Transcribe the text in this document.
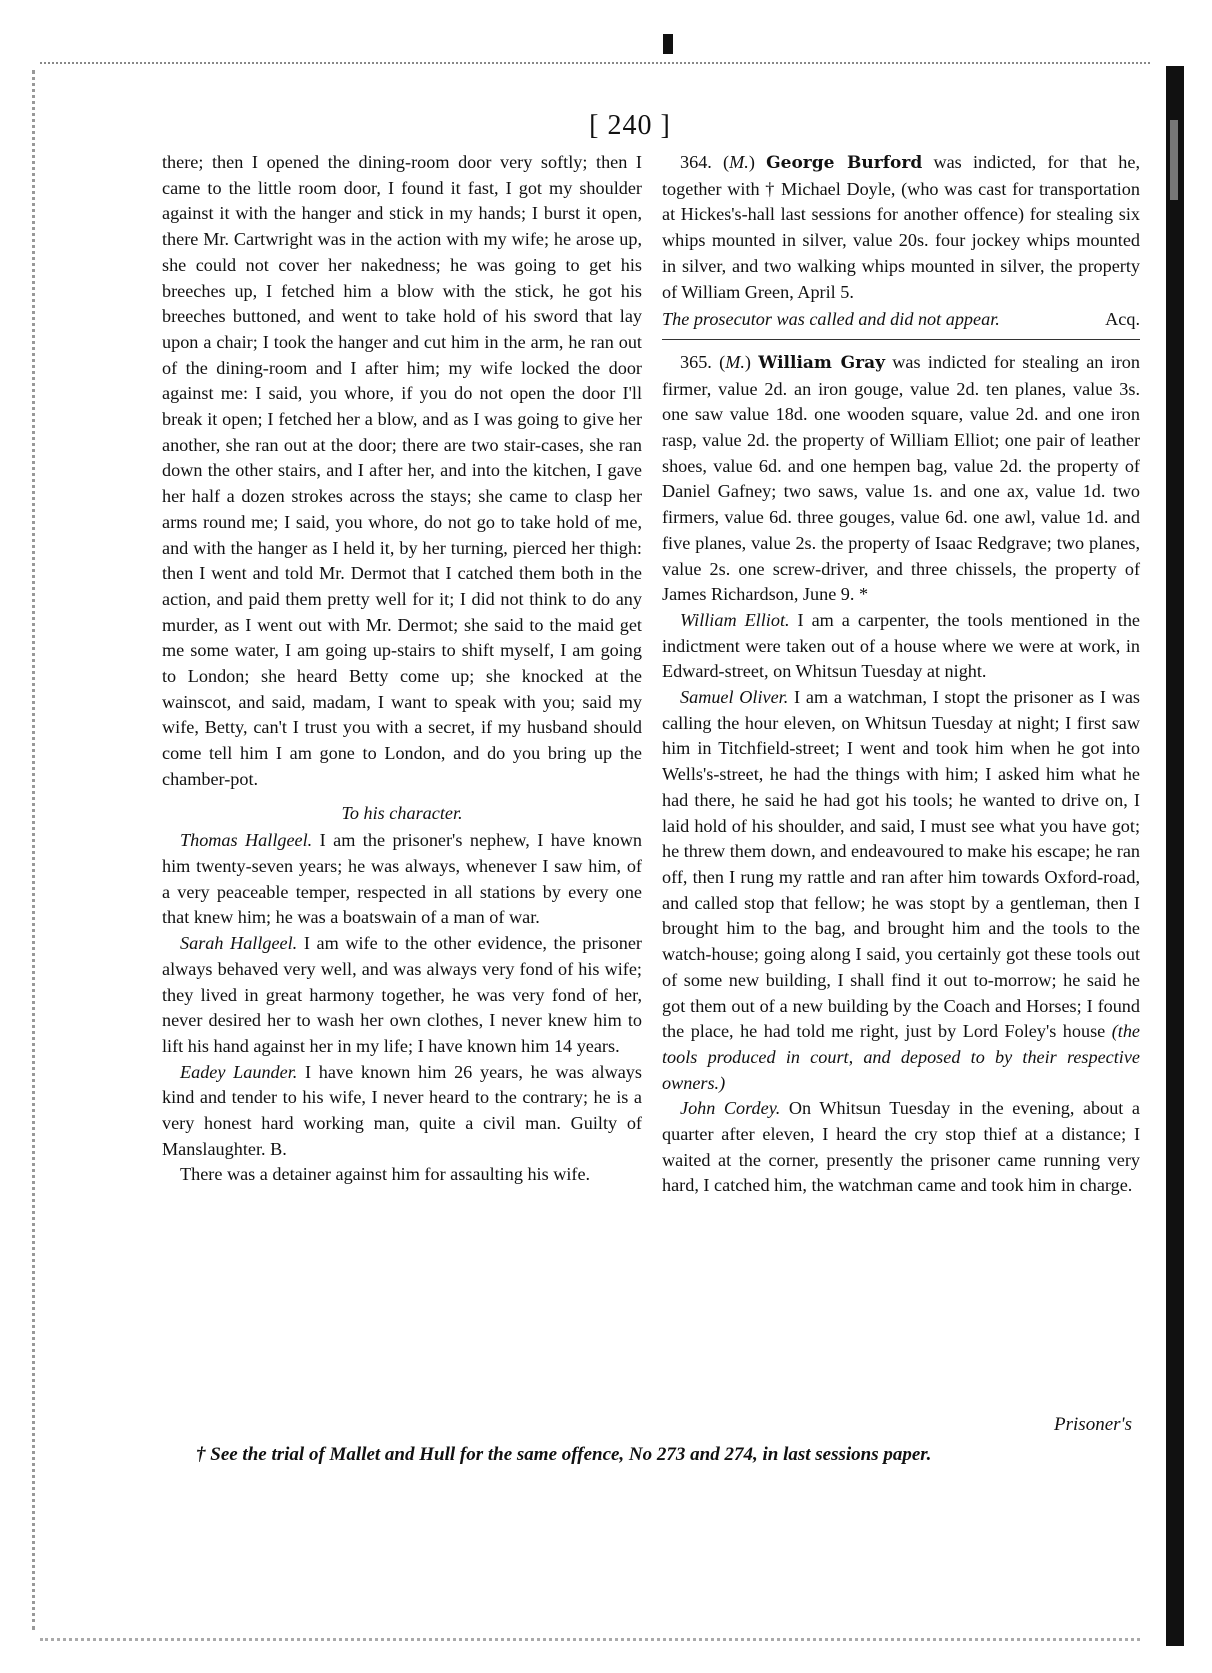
[ 240 ]

there; then I opened the dining-room door very softly; then I came to the little room door, I found it fast, I got my shoulder against it with the hanger and stick in my hands; I burst it open, there Mr. Cartwright was in the action with my wife; he arose up, she could not cover her nakedness; he was going to get his breeches up, I fetched him a blow with the stick, he got his breeches buttoned, and went to take hold of his sword that lay upon a chair; I took the hanger and cut him in the arm, he ran out of the dining-room and I after him; my wife locked the door against me: I said, you whore, if you do not open the door I'll break it open; I fetched her a blow, and as I was going to give her another, she ran out at the door; there are two stair-cases, she ran down the other stairs, and I after her, and into the kitchen, I gave her half a dozen strokes across the stays; she came to clasp her arms round me; I said, you whore, do not go to take hold of me, and with the hanger as I held it, by her turning, pierced her thigh: then I went and told Mr. Dermot that I catched them both in the action, and paid them pretty well for it; I did not think to do any murder, as I went out with Mr. Dermot; she said to the maid get me some water, I am going up-stairs to shift myself, I am going to London; she heard Betty come up; she knocked at the wainscot, and said, madam, I want to speak with you; said my wife, Betty, can't I trust you with a secret, if my husband should come tell him I am gone to London, and do you bring up the chamber-pot.

To his character.

Thomas Hallgeel. I am the prisoner's nephew, I have known him twenty-seven years; he was always, whenever I saw him, of a very peaceable temper, respected in all stations by every one that knew him; he was a boatswain of a man of war.

Sarah Hallgeel. I am wife to the other evidence, the prisoner always behaved very well, and was always very fond of his wife; they lived in great harmony together, he was very fond of her, never desired her to wash her own clothes, I never knew him to lift his hand against her in my life; I have known him 14 years.

Eadey Launder. I have known him 26 years, he was always kind and tender to his wife, I never heard to the contrary; he is a very honest hard working man, quite a civil man. Guilty of Manslaughter. B.

There was a detainer against him for assaulting his wife.

364. (M.) George Burford was indicted, for that he, together with † Michael Doyle, (who was cast for transportation at Hickes's-hall last sessions for another offence) for stealing six whips mounted in silver, value 20s. four jockey whips mounted in silver, and two walking whips mounted in silver, the property of William Green, April 5.

The prosecutor was called and did not appear.	Acq.

365. (M.) William Gray was indicted for stealing an iron firmer, value 2d. an iron gouge, value 2d. ten planes, value 3s. one saw value 18d. one wooden square, value 2d. and one iron rasp, value 2d. the property of William Elliot; one pair of leather shoes, value 6d. and one hempen bag, value 2d. the property of Daniel Gafney; two saws, value 1s. and one ax, value 1d. two firmers, value 6d. three gouges, value 6d. one awl, value 1d. and five planes, value 2s. the property of Isaac Redgrave; two planes, value 2s. one screw-driver, and three chissels, the property of James Richardson, June 9. *

William Elliot. I am a carpenter, the tools mentioned in the indictment were taken out of a house where we were at work, in Edward-street, on Whitsun Tuesday at night.

Samuel Oliver. I am a watchman, I stopt the prisoner as I was calling the hour eleven, on Whitsun Tuesday at night; I first saw him in Titchfield-street; I went and took him when he got into Wells's-street, he had the things with him; I asked him what he had there, he said he had got his tools; he wanted to drive on, I laid hold of his shoulder, and said, I must see what you have got; he threw them down, and endeavoured to make his escape; he ran off, then I rung my rattle and ran after him towards Oxford-road, and called stop that fellow; he was stopt by a gentleman, then I brought him to the bag, and brought him and the tools to the watch-house; going along I said, you certainly got these tools out of some new building, I shall find it out to-morrow; he said he got them out of a new building by the Coach and Horses; I found the place, he had told me right, just by Lord Foley's house (the tools produced in court, and deposed to by their respective owners.)

John Cordey. On Whitsun Tuesday in the evening, about a quarter after eleven, I heard the cry stop thief at a distance; I waited at the corner, presently the prisoner came running very hard, I catched him, the watchman came and took him in charge.

Prisoner's
† See the trial of Mallet and Hull for the same offence, No 273 and 274, in last sessions paper.
